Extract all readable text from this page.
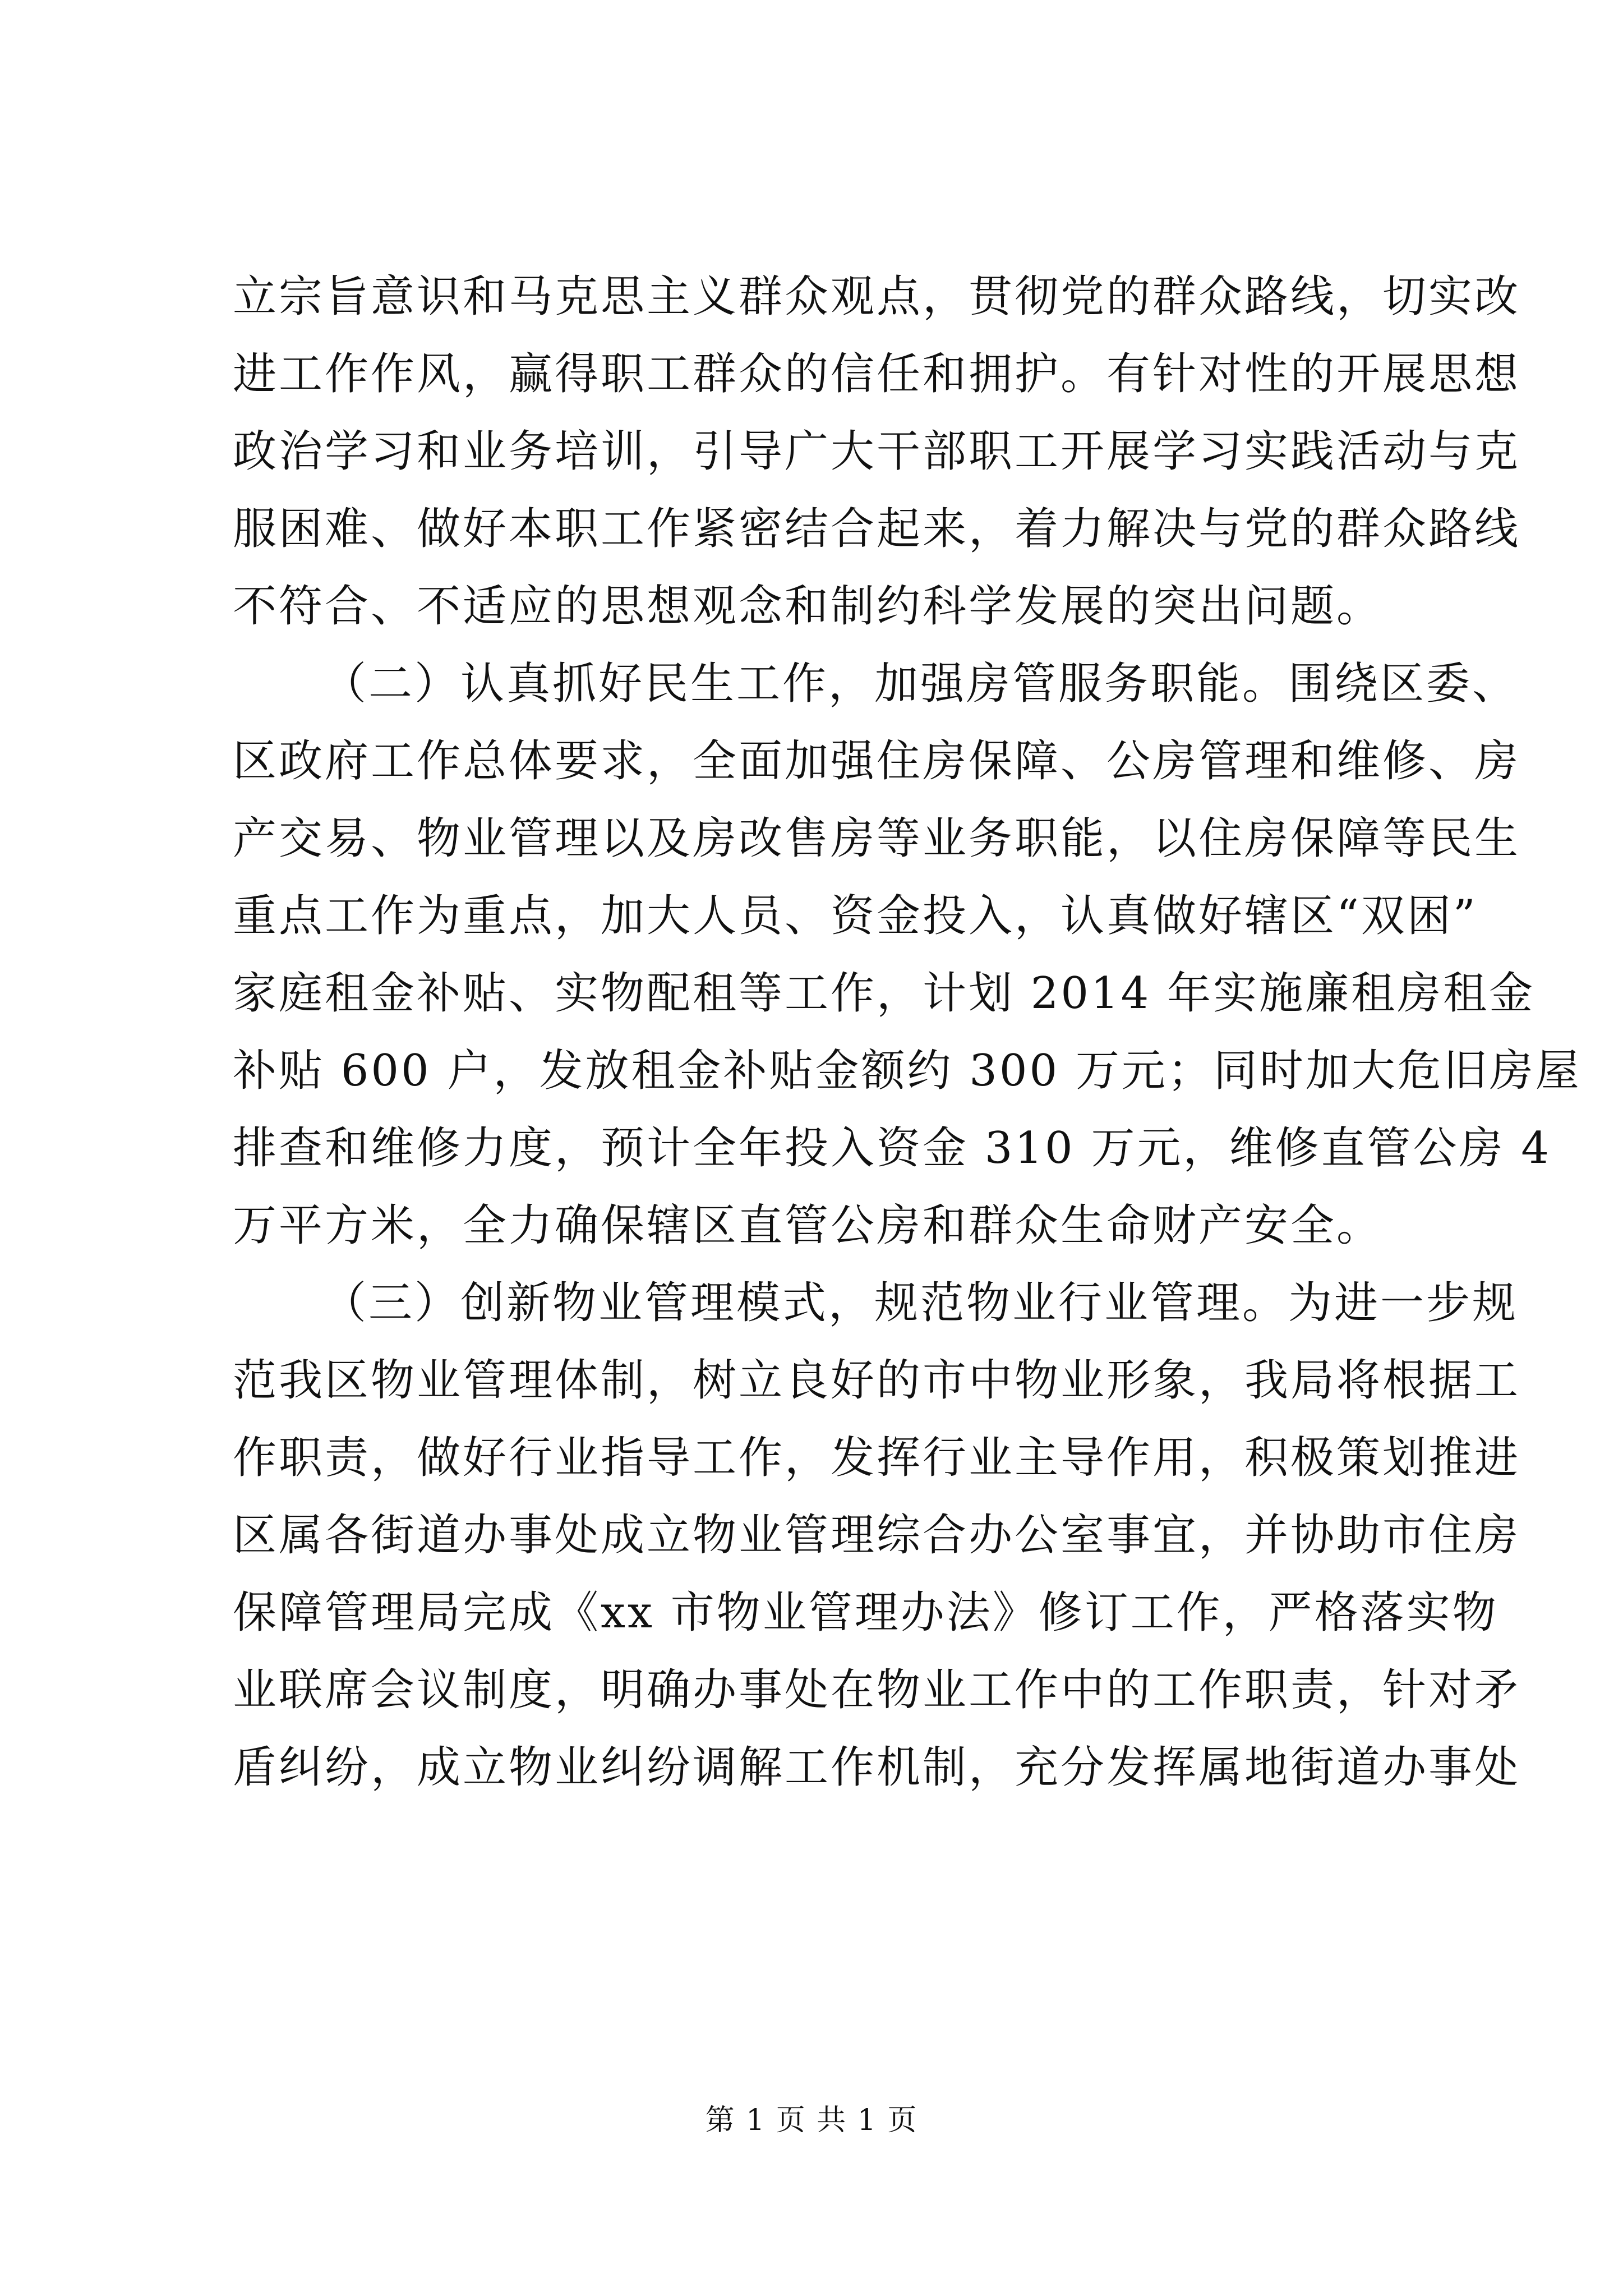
立宗旨意识和马克思主义群众观点，贯彻党的群众路线，切实改
进工作作风，赢得职工群众的信任和拥护。有针对性的开展思想
政治学习和业务培训，引导广大干部职工开展学习实践活动与克
服困难、做好本职工作紧密结合起来，着力解决与党的群众路线
不符合、不适应的思想观念和制约科学发展的突出问题。
（二）认真抓好民生工作，加强房管服务职能。围绕区委、
区政府工作总体要求，全面加强住房保障、公房管理和维修、房
产交易、物业管理以及房改售房等业务职能，以住房保障等民生
重点工作为重点，加大人员、资金投入，认真做好辖区“双困”
家庭租金补贴、实物配租等工作，计划 2014 年实施廉租房租金
补贴 600 户，发放租金补贴金额约 300 万元；同时加大危旧房屋
排查和维修力度，预计全年投入资金 310 万元，维修直管公房 4
万平方米，全力确保辖区直管公房和群众生命财产安全。
（三）创新物业管理模式，规范物业行业管理。为进一步规
范我区物业管理体制，树立良好的市中物业形象，我局将根据工
作职责，做好行业指导工作，发挥行业主导作用，积极策划推进
区属各街道办事处成立物业管理综合办公室事宜，并协助市住房
保障管理局完成《xx 市物业管理办法》修订工作，严格落实物
业联席会议制度，明确办事处在物业工作中的工作职责，针对矛
盾纠纷，成立物业纠纷调解工作机制，充分发挥属地街道办事处
第 1 页 共 1 页
